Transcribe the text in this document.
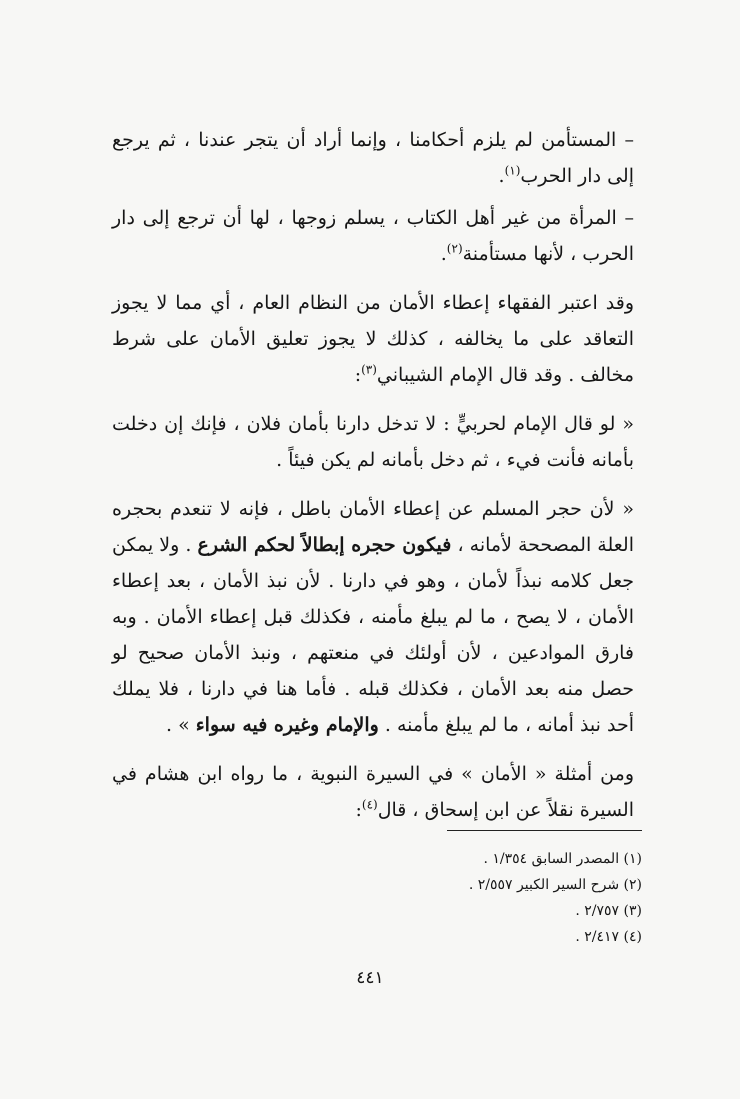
– المستأمن لم يلزم أحكامنا ، وإنما أراد أن يتجر عندنا ، ثم يرجع إلى دار الحرب$^{(١)}$.

– المرأة من غير أهل الكتاب ، يسلم زوجها ، لها أن ترجع إلى دار الحرب ، لأنها مستأمنة$^{(٢)}$.

وقد اعتبر الفقهاء إعطاء الأمان من النظام العام ، أي مما لا يجوز التعاقد على ما يخالفه ، كذلك لا يجوز تعليق الأمان على شرط مخالف . وقد قال الإمام الشيباني$^{(٣)}$:

« لو قال الإمام لحربيٍّ : لا تدخل دارنا بأمان فلان ، فإنك إن دخلت بأمانه فأنت فيء ، ثم دخل بأمانه لم يكن فيئاً .

« لأن حجر المسلم عن إعطاء الأمان باطل ، فإنه لا تنعدم بحجره العلة المصححة لأمانه ، فيكون حجره إبطالاً لحكم الشرع . ولا يمكن جعل كلامه نبذاً لأمان ، وهو في دارنا . لأن نبذ الأمان ، بعد إعطاء الأمان ، لا يصح ، ما لم يبلغ مأمنه ، فكذلك قبل إعطاء الأمان . وبه فارق الموادعين ، لأن أولئك في منعتهم ، ونبذ الأمان صحيح لو حصل منه بعد الأمان ، فكذلك قبله . فأما هنا في دارنا ، فلا يملك أحد نبذ أمانه ، ما لم يبلغ مأمنه . والإمام وغيره فيه سواء » .

ومن أمثلة « الأمان » في السيرة النبوية ، ما رواه ابن هشام في السيرة نقلاً عن ابن إسحاق ، قال$^{(٤)}$:

(١) المصدر السابق ١/٣٥٤ .
(٢) شرح السير الكبير ٢/٥٥٧ .
(٣) ٢/٧٥٧ .
(٤) ٢/٤١٧ .
٤٤١
